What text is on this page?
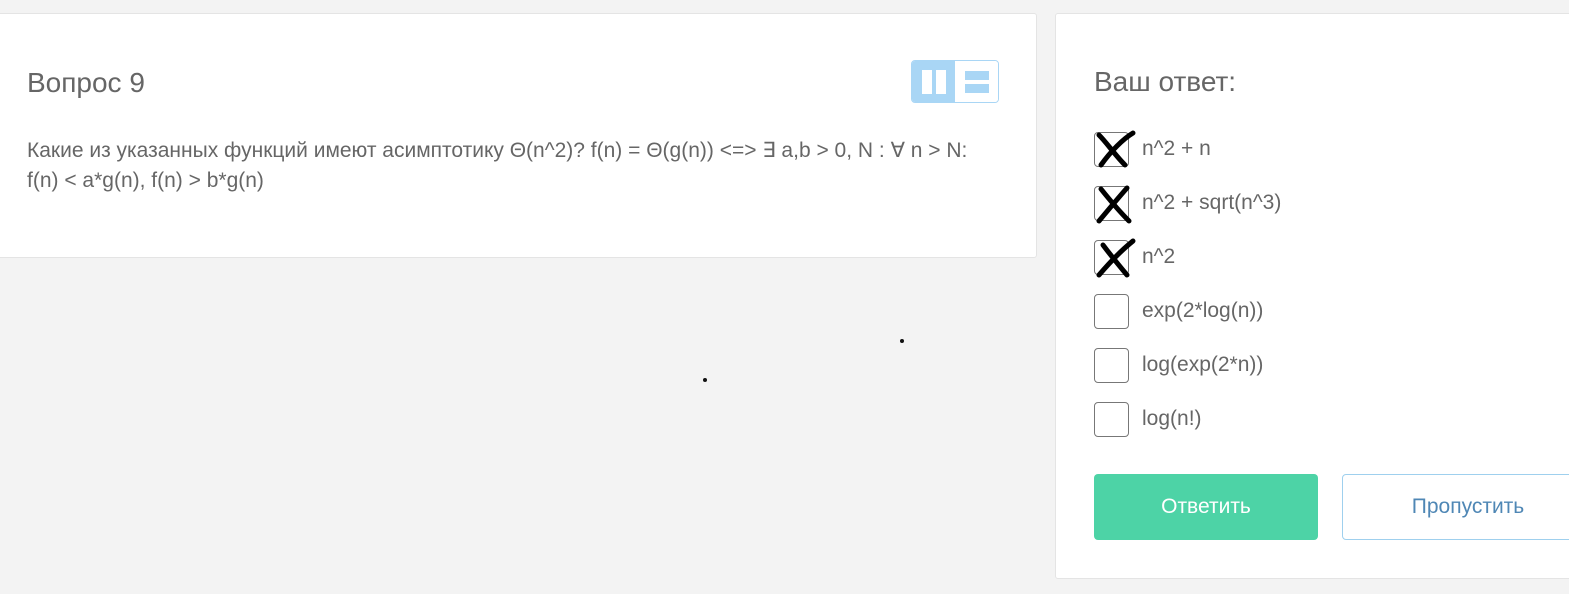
Вопрос 9

Какие из указанных функций имеют асимптотику Θ(n^2)? f(n) = Θ(g(n)) <=> ∃ a,b > 0, N : ∀ n > N: f(n) < a*g(n), f(n) > b*g(n)

Ваш ответ:
n^2 + n
n^2 + sqrt(n^3)
n^2
exp(2*log(n))
log(exp(2*n))
log(n!)
Ответить	Пропустить
